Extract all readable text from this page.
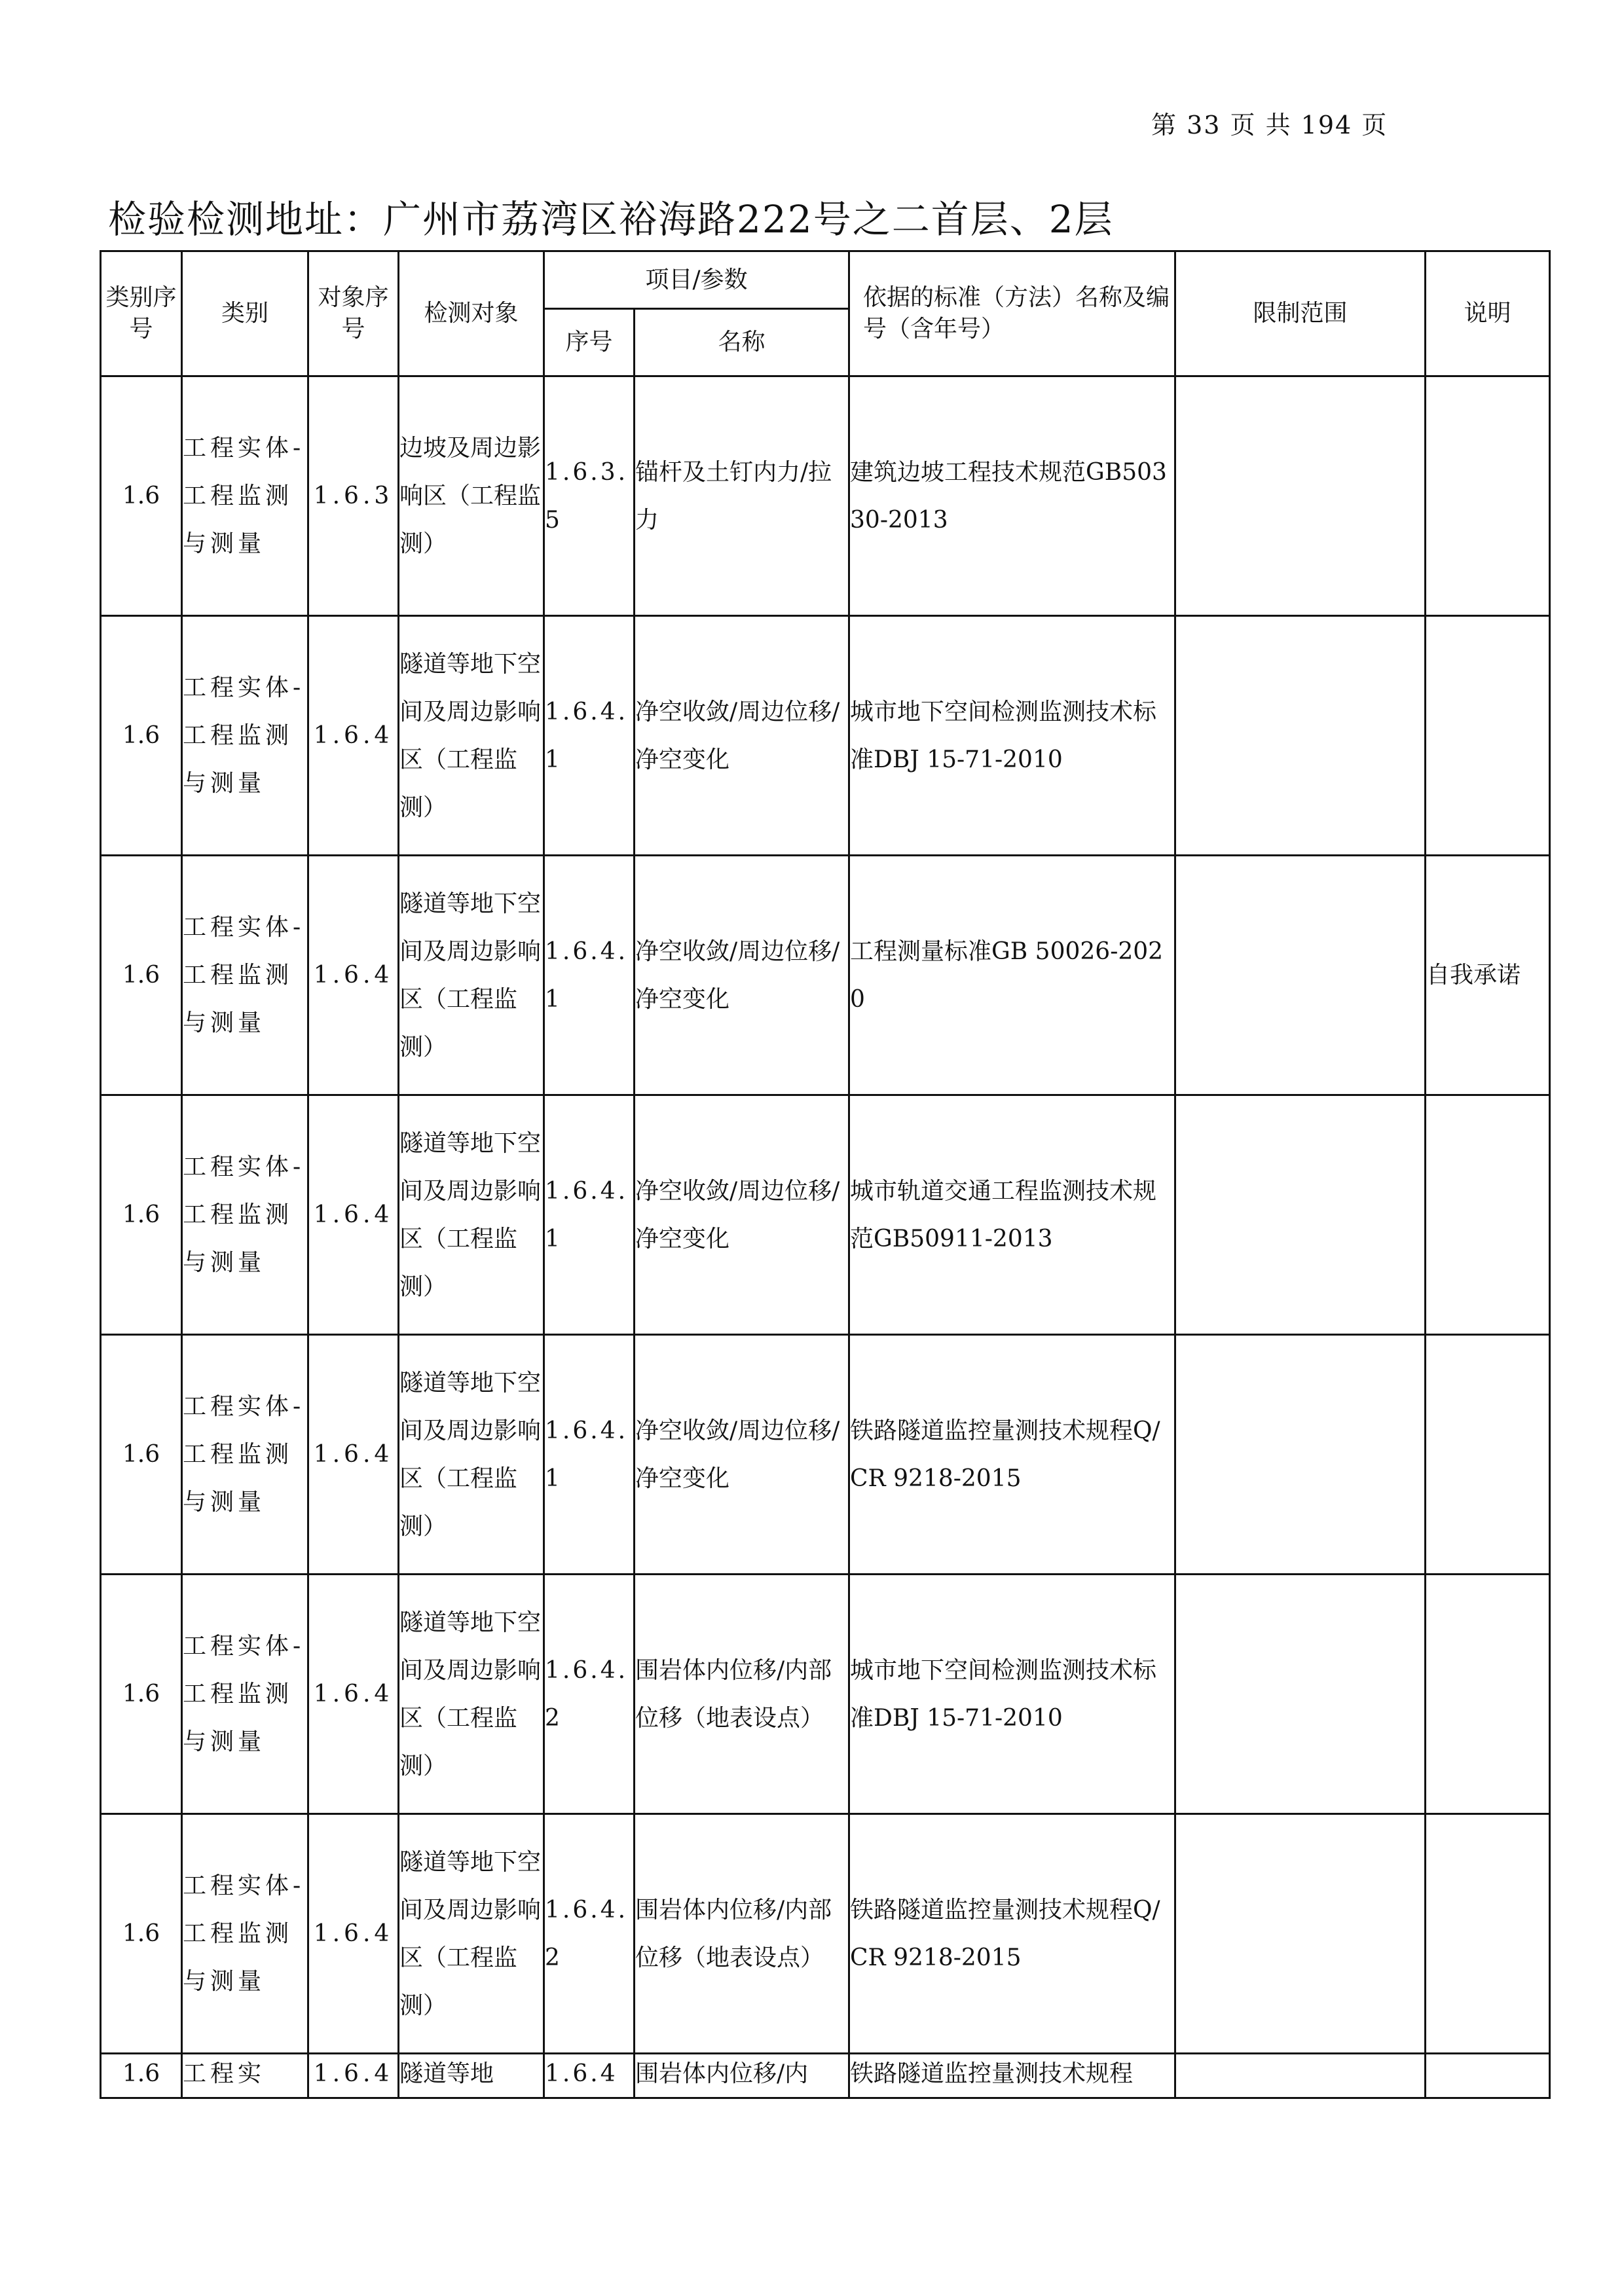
第 33 页 共 194 页
检验检测地址：广州市荔湾区裕海路222号之二首层、2层
类别序号	类别	对象序号	检测对象	项目/参数		依据的标准（方法）名称及编号（含年号）	限制范围	说明
				序号	名称			
1.6	工程实体-工程监测与测量	1.6.3	边坡及周边影响区（工程监测）	1.6.3.5	锚杆及土钉内力/拉力	建筑边坡工程技术规范GB50330-2013		
1.6	工程实体-工程监测与测量	1.6.4	隧道等地下空间及周边影响区（工程监测）	1.6.4.1	净空收敛/周边位移/净空变化	城市地下空间检测监测技术标准DBJ 15-71-2010		
1.6	工程实体-工程监测与测量	1.6.4	隧道等地下空间及周边影响区（工程监测）	1.6.4.1	净空收敛/周边位移/净空变化	工程测量标准GB 50026-2020		自我承诺
1.6	工程实体-工程监测与测量	1.6.4	隧道等地下空间及周边影响区（工程监测）	1.6.4.1	净空收敛/周边位移/净空变化	城市轨道交通工程监测技术规范GB50911-2013		
1.6	工程实体-工程监测与测量	1.6.4	隧道等地下空间及周边影响区（工程监测）	1.6.4.1	净空收敛/周边位移/净空变化	铁路隧道监控量测技术规程Q/CR 9218-2015		
1.6	工程实体-工程监测与测量	1.6.4	隧道等地下空间及周边影响区（工程监测）	1.6.4.2	围岩体内位移/内部位移（地表设点）	城市地下空间检测监测技术标准DBJ 15-71-2010		
1.6	工程实体-工程监测与测量	1.6.4	隧道等地下空间及周边影响区（工程监测）	1.6.4.2	围岩体内位移/内部位移（地表设点）	铁路隧道监控量测技术规程Q/CR 9218-2015		
1.6	工程实	1.6.4	隧道等地	1.6.4	围岩体内位移/内	铁路隧道监控量测技术规程		
